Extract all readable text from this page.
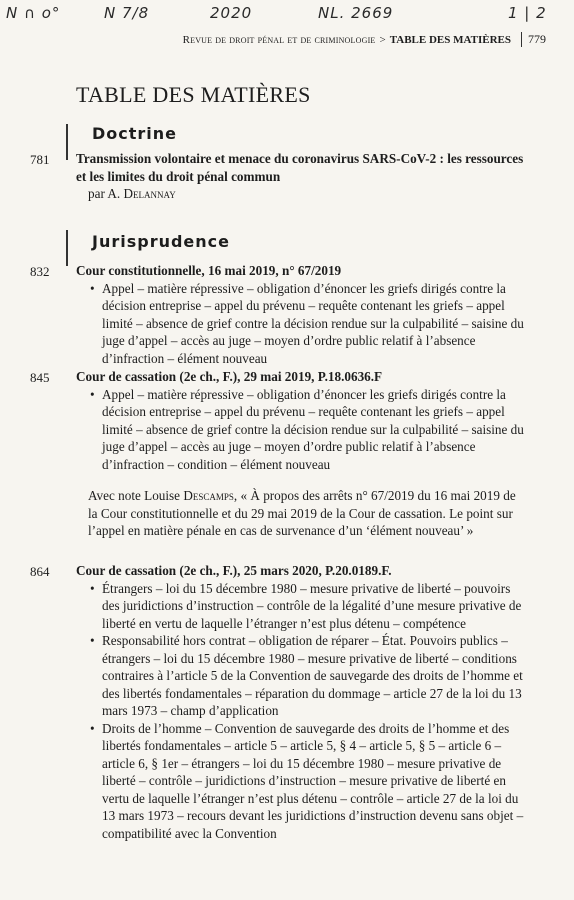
N ∩ o°	N 7/8	2020	NL. 2669	1 | 2
Revue de droit pénal et de criminologie > TABLE DES MATIÈRES 779
TABLE DES MATIÈRES
Doctrine
781 Transmission volontaire et menace du coronavirus SARS-CoV-2 : les ressources et les limites du droit pénal commun
par A. Delannay
Jurisprudence
832 Cour constitutionnelle, 16 mai 2019, n° 67/2019
• Appel – matière répressive – obligation d’énoncer les griefs dirigés contre la décision entreprise – appel du prévenu – requête contenant les griefs – appel limité – absence de grief contre la décision rendue sur la culpabilité – saisine du juge d’appel – accès au juge – moyen d’ordre public relatif à l’absence d’infraction – élément nouveau
845 Cour de cassation (2e ch., F.), 29 mai 2019, P.18.0636.F
• Appel – matière répressive – obligation d’énoncer les griefs dirigés contre la décision entreprise – appel du prévenu – requête contenant les griefs – appel limité – absence de grief contre la décision rendue sur la culpabilité – saisine du juge d’appel – accès au juge – moyen d’ordre public relatif à l’absence d’infraction – condition – élément nouveau
Avec note Louise Descamps, « À propos des arrêts n° 67/2019 du 16 mai 2019 de la Cour constitutionnelle et du 29 mai 2019 de la Cour de cassation. Le point sur l’appel en matière pénale en cas de survenance d’un ‘élément nouveau’ »
864 Cour de cassation (2e ch., F.), 25 mars 2020, P.20.0189.F.
• Étrangers – loi du 15 décembre 1980 – mesure privative de liberté – pouvoirs des juridictions d’instruction – contrôle de la légalité d’une mesure privative de liberté en vertu de laquelle l’étranger n’est plus détenu – compétence
• Responsabilité hors contrat – obligation de réparer – État. Pouvoirs publics – étrangers – loi du 15 décembre 1980 – mesure privative de liberté – conditions contraires à l’article 5 de la Convention de sauvegarde des droits de l’homme et des libertés fondamentales – réparation du dommage – article 27 de la loi du 13 mars 1973 – champ d’application
• Droits de l’homme – Convention de sauvegarde des droits de l’homme et des libertés fondamentales – article 5 – article 5, § 4 – article 5, § 5 – article 6 – article 6, § 1er – étrangers – loi du 15 décembre 1980 – mesure privative de liberté – contrôle – juridictions d’instruction – mesure privative de liberté en vertu de laquelle l’étranger n’est plus détenu – contrôle – article 27 de la loi du 13 mars 1973 – recours devant les juridictions d’instruction devenu sans objet – compatibilité avec la Convention
